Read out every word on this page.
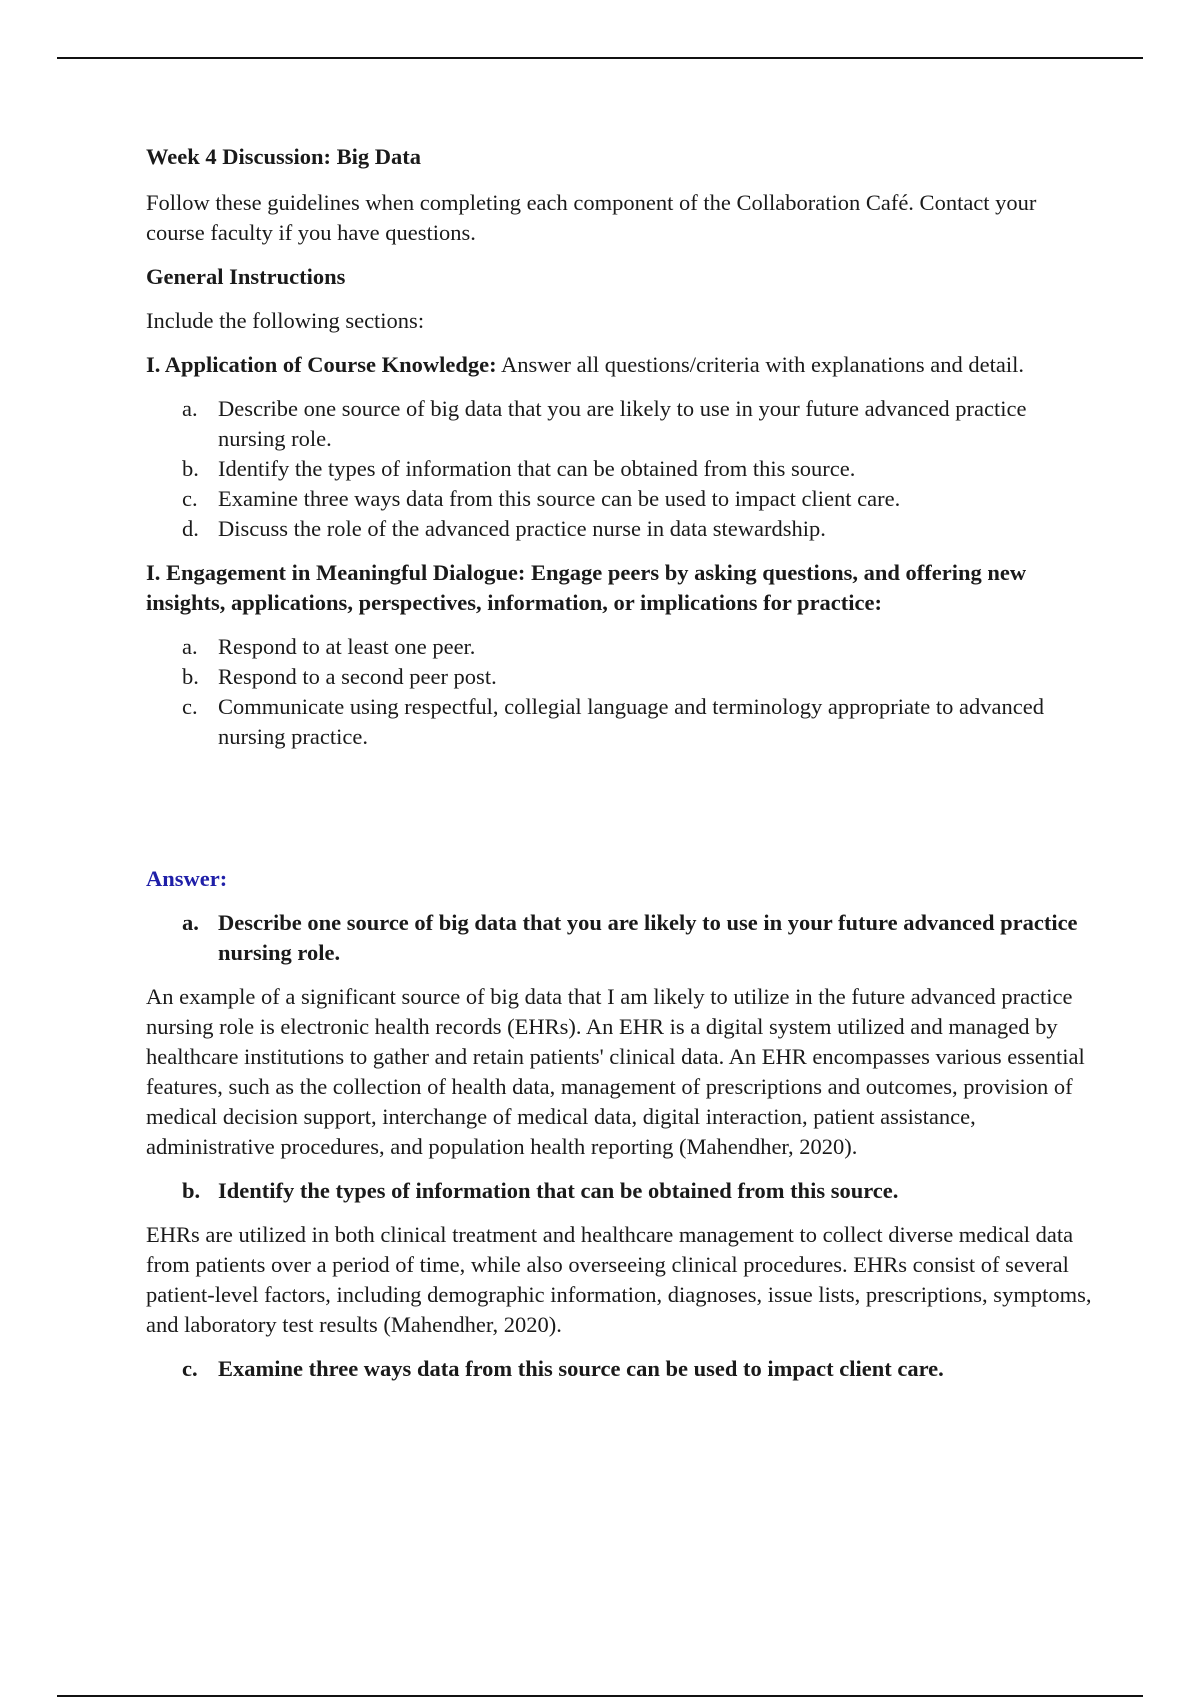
Week 4 Discussion: Big Data

Follow these guidelines when completing each component of the Collaboration Café. Contact your course faculty if you have questions.

General Instructions

Include the following sections:

I. Application of Course Knowledge: Answer all questions/criteria with explanations and detail.

a. Describe one source of big data that you are likely to use in your future advanced practice nursing role.
b. Identify the types of information that can be obtained from this source.
c. Examine three ways data from this source can be used to impact client care.
d. Discuss the role of the advanced practice nurse in data stewardship.

I. Engagement in Meaningful Dialogue: Engage peers by asking questions, and offering new insights, applications, perspectives, information, or implications for practice:

a. Respond to at least one peer.
b. Respond to a second peer post.
c. Communicate using respectful, collegial language and terminology appropriate to advanced nursing practice.

Answer:

a. Describe one source of big data that you are likely to use in your future advanced practice nursing role.

An example of a significant source of big data that I am likely to utilize in the future advanced practice nursing role is electronic health records (EHRs). An EHR is a digital system utilized and managed by healthcare institutions to gather and retain patients' clinical data. An EHR encompasses various essential features, such as the collection of health data, management of prescriptions and outcomes, provision of medical decision support, interchange of medical data, digital interaction, patient assistance, administrative procedures, and population health reporting (Mahendher, 2020).

b. Identify the types of information that can be obtained from this source.

EHRs are utilized in both clinical treatment and healthcare management to collect diverse medical data from patients over a period of time, while also overseeing clinical procedures. EHRs consist of several patient-level factors, including demographic information, diagnoses, issue lists, prescriptions, symptoms, and laboratory test results (Mahendher, 2020).

c. Examine three ways data from this source can be used to impact client care.
